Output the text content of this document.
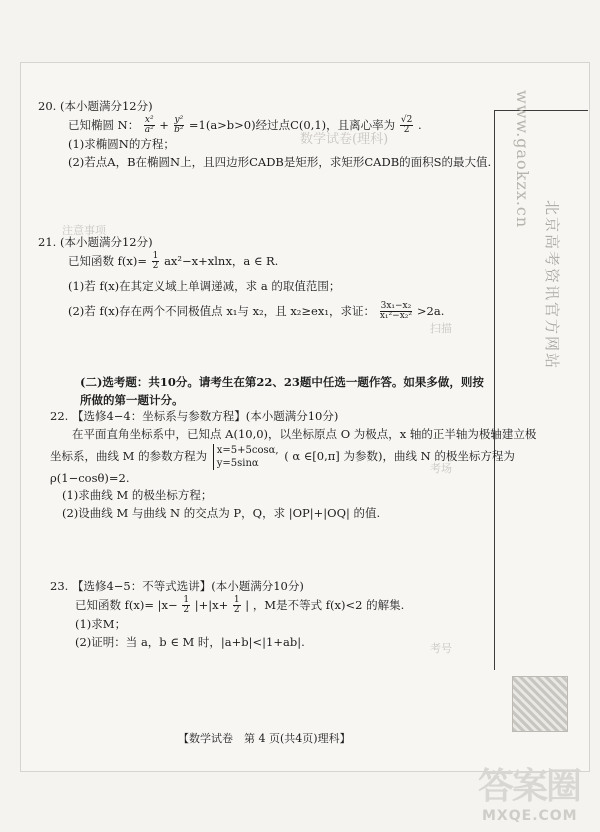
数学试卷(理科)
注意事项
扫描
考场
考号
www.gaokzx.cn
北京高考资讯官方网站
20. (本小题满分12分)
已知椭圆 N： $\frac{\text{x²}}{\text{a²}} + \frac{\text{y²}}{\text{b²}} =1(a>b>0)$经过点C(0,1)，且离心率为 $\frac{√2}{2}$ .
(1)求椭圆N的方程；
(2)若点A，B在椭圆N上，且四边形CADB是矩形，求矩形CADB的面积S的最大值.
21. (本小题满分12分)
已知函数 $f(x)= \frac{1}{2} ax^2-x+xlnx$，a ∈ R.
(1)若 f(x)在其定义域上单调递减，求 a 的取值范围；
(2)若 f(x)存在两个不同极值点 x₁与 x₂，且 x₂≥ex₁，求证： $\frac{\text{3x₁−x₂}}{\text{x₁²−x₂²}} >2a$.
(二)选考题：共10分。请考生在第22、23题中任选一题作答。如果多做，则按所做的第一题计分。
22. 【选修4−4：坐标系与参数方程】(本小题满分10分)
在平面直角坐标系中，已知点 A(10,0)，以坐标原点 O 为极点，x 轴的正半轴为极轴建立极
坐标系，曲线 M 的参数方程为 x=5+5cosα,
y=5sinα
( α ∈[0,π] 为参数)，曲线 N 的极坐标方程为
ρ(1−cosθ)=2.
(1)求曲线 M 的极坐标方程；
(2)设曲线 M 与曲线 N 的交点为 P，Q，求 |OP|+|OQ| 的值.
23. 【选修4−5：不等式选讲】(本小题满分10分)
已知函数 $f(x)= |x- \frac{1}{2} |+|x+ \frac{1}{2}$ | ，M是不等式 f(x)<2 的解集.
(1)求M；
(2)证明：当 a，b ∈ M 时，|a+b|<|1+ab|.
【数学试卷　第 4 页(共4页)理科】
答案圈
MXQE.COM
